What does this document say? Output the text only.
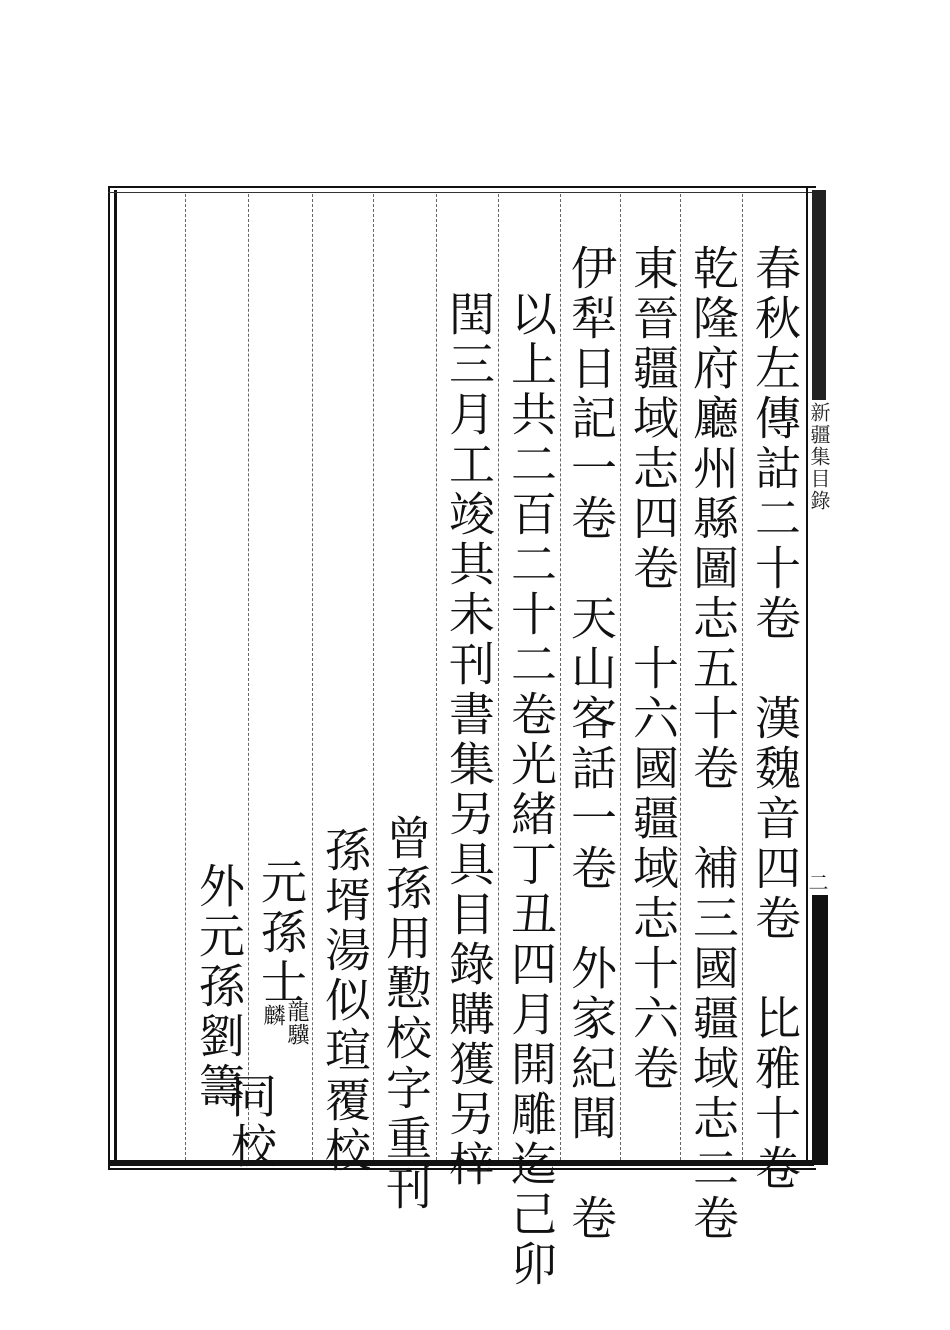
新疆集目錄
二
春秋左傳詁二十卷　漢魏音四卷　比雅十卷
乾隆府廳州縣圖志五十卷　補三國疆域志二卷
東晉疆域志四卷　十六國疆域志十六卷
伊犁日記一卷　天山客話一卷　外家紀聞一卷
以上共二百二十二卷光緒丁丑四月開雕迄己卯
閏三月工竣其未刊書集另具目錄購獲另梓
曾孫用懃校字重刊
孫壻湯似瑄覆校
元孫士
外元孫劉籌 龍驥
麟
同校
